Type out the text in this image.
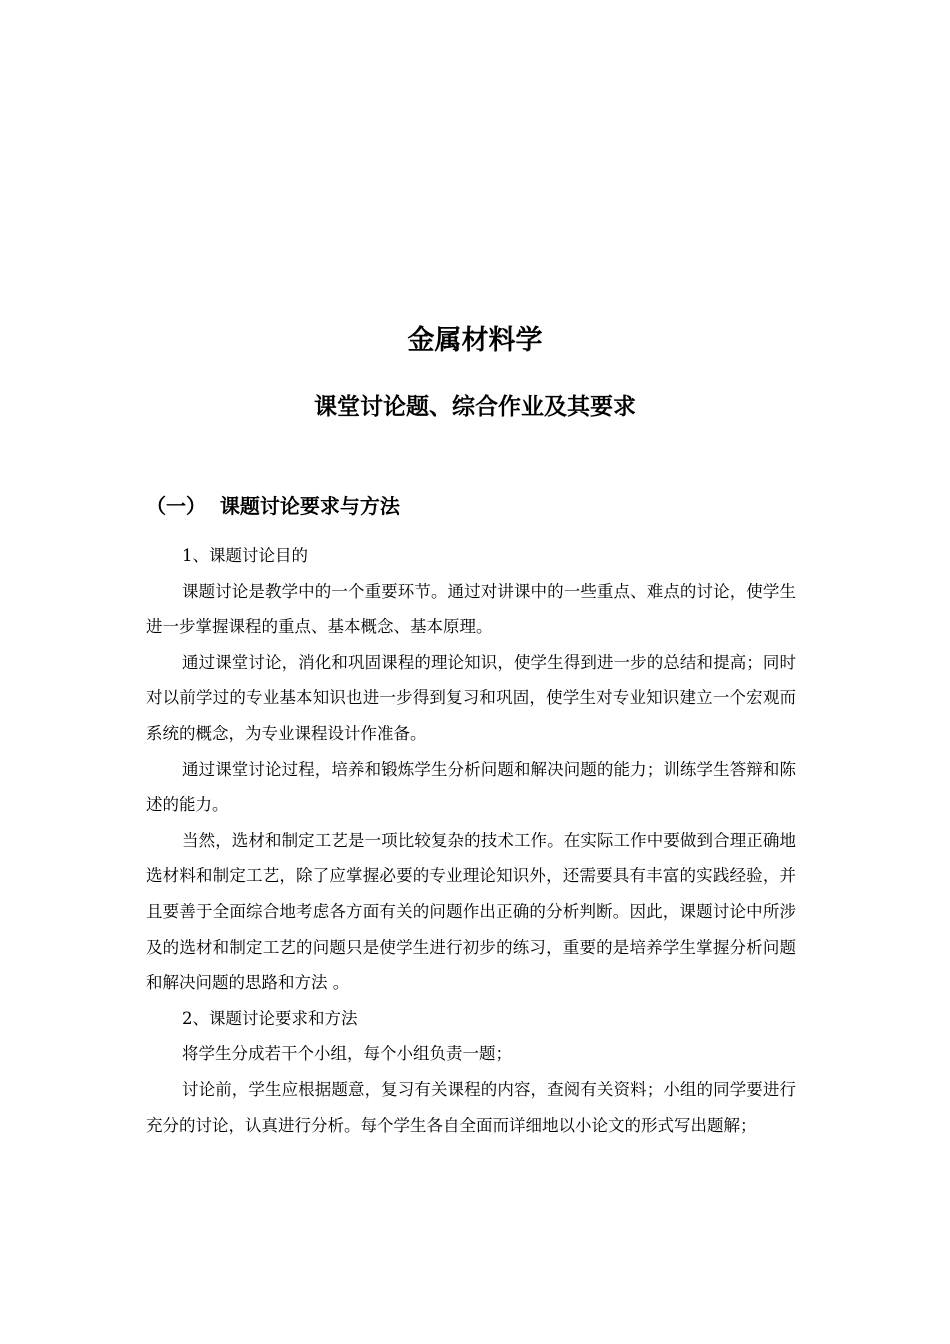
金属材料学
课堂讨论题、综合作业及其要求
（一）  课题讨论要求与方法

1、课题讨论目的

课题讨论是教学中的一个重要环节。通过对讲课中的一些重点、难点的讨论，使学生进一步掌握课程的重点、基本概念、基本原理。

通过课堂讨论，消化和巩固课程的理论知识，使学生得到进一步的总结和提高；同时对以前学过的专业基本知识也进一步得到复习和巩固，使学生对专业知识建立一个宏观而系统的概念，为专业课程设计作准备。

通过课堂讨论过程，培养和锻炼学生分析问题和解决问题的能力；训练学生答辩和陈述的能力。

当然，选材和制定工艺是一项比较复杂的技术工作。在实际工作中要做到合理正确地选材料和制定工艺，除了应掌握必要的专业理论知识外，还需要具有丰富的实践经验，并且要善于全面综合地考虑各方面有关的问题作出正确的分析判断。因此，课题讨论中所涉及的选材和制定工艺的问题只是使学生进行初步的练习，重要的是培养学生掌握分析问题和解决问题的思路和方法 。

2、课题讨论要求和方法

将学生分成若干个小组，每个小组负责一题；

讨论前，学生应根据题意，复习有关课程的内容，查阅有关资料；小组的同学要进行充分的讨论，认真进行分析。每个学生各自全面而详细地以小论文的形式写出题解；
